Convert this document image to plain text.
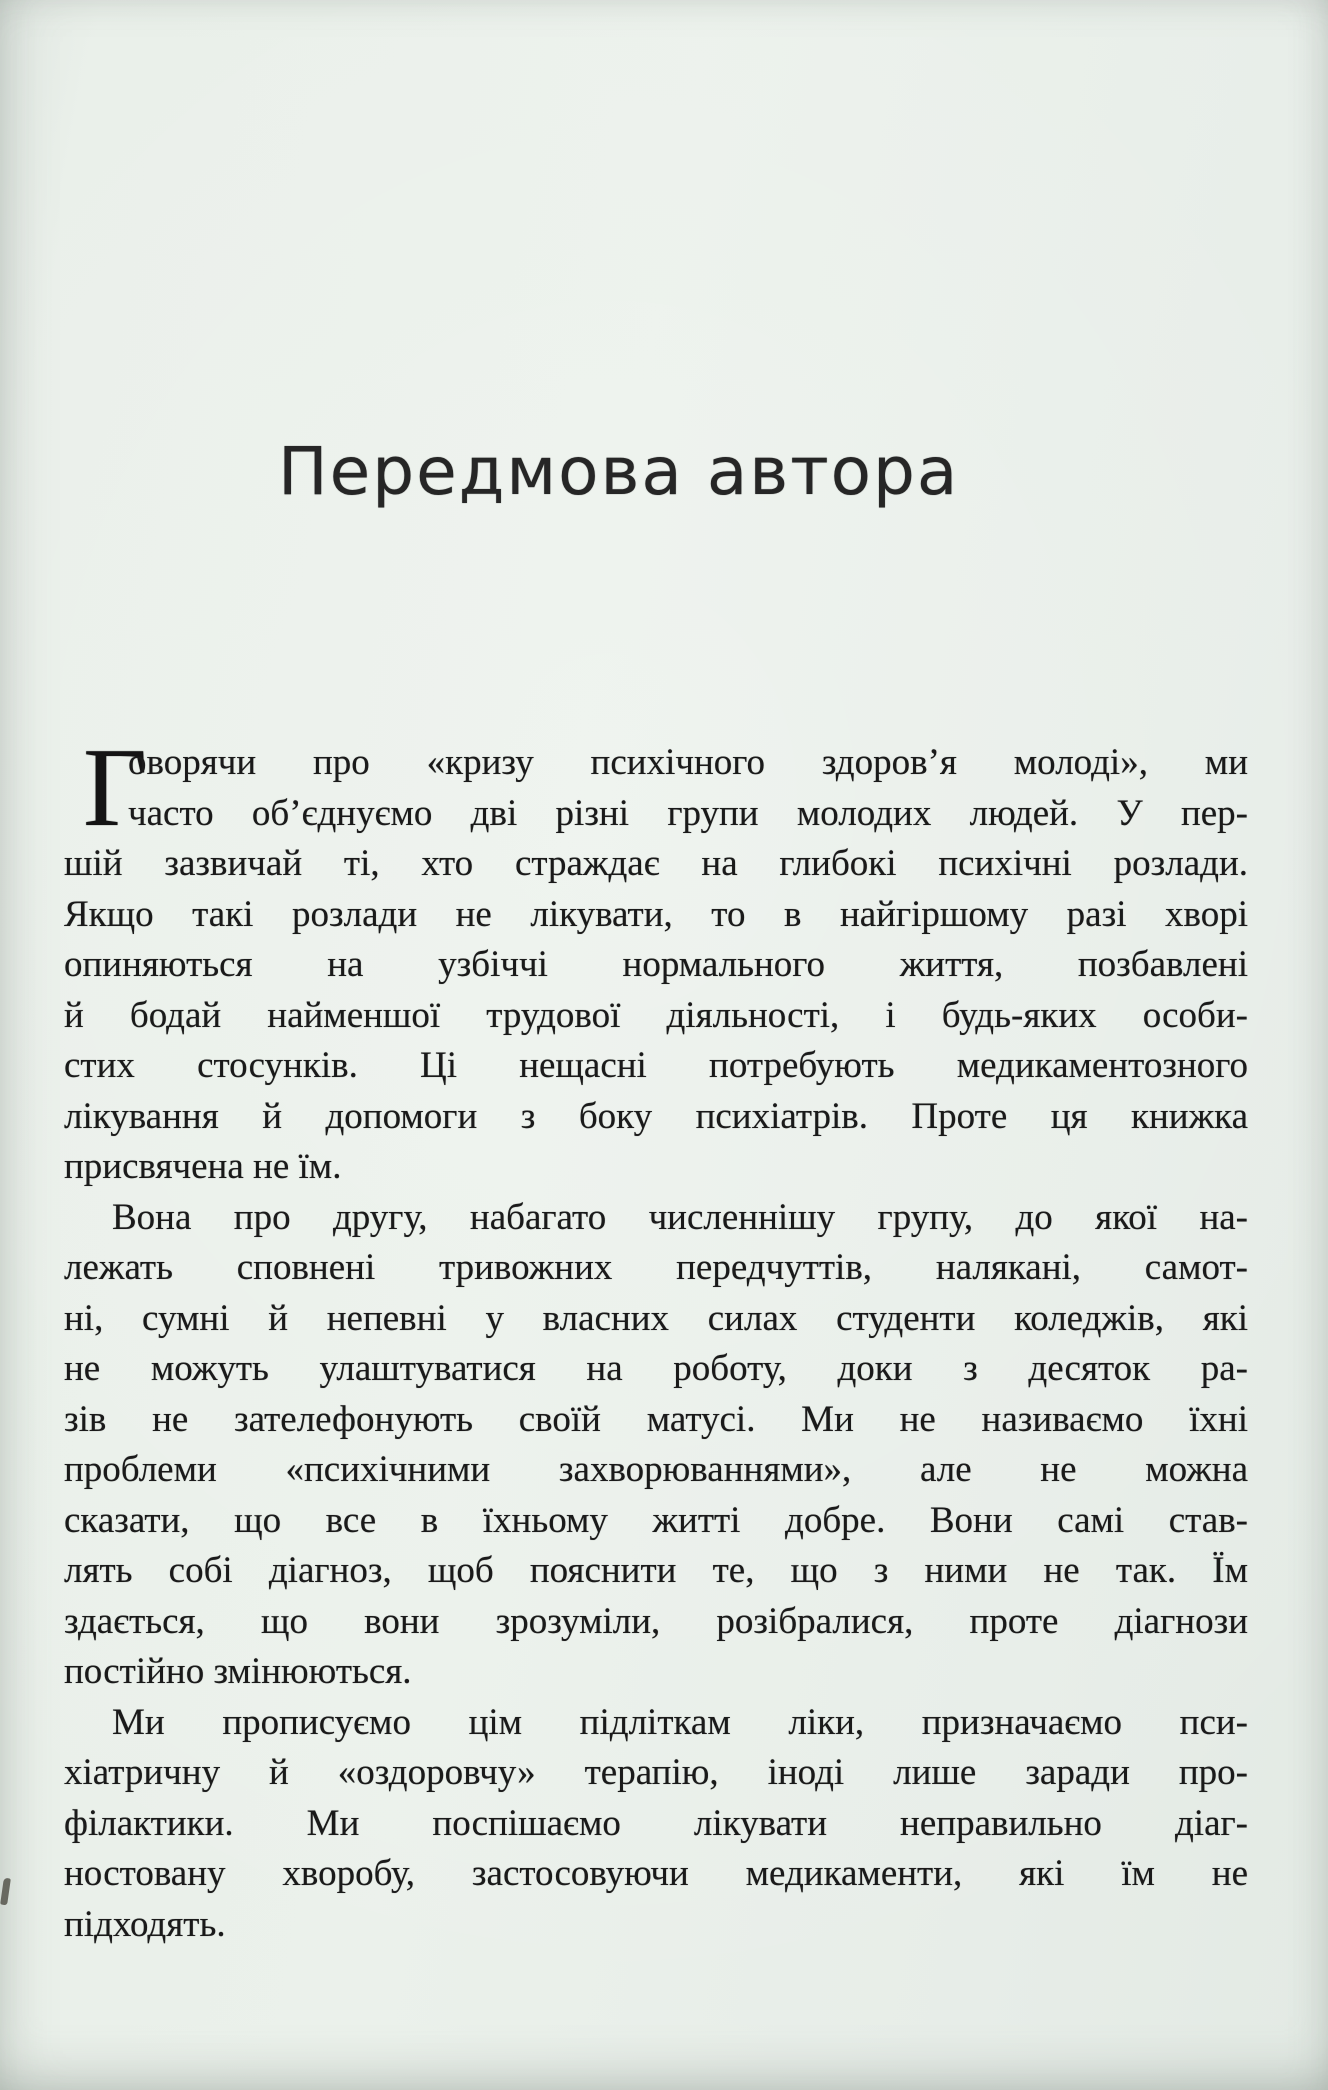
Передмова автора
Г
оворячи про «кризу психічного здоров’я молоді», ми
часто об’єднуємо дві різні групи молодих людей. У пер-
шій зазвичай ті, хто страждає на глибокі психічні розлади.
Якщо такі розлади не лікувати, то в найгіршому разі хворі
опиняються на узбіччі нормального життя, позбавлені
й бодай найменшої трудової діяльності, і будь-яких особи-
стих стосунків. Ці нещасні потребують медикаментозного
лікування й допомоги з боку психіатрів. Проте ця книжка
присвячена не їм.
Вона про другу, набагато численнішу групу, до якої на-
лежать сповнені тривожних передчуттів, налякані, самот-
ні, сумні й непевні у власних силах студенти коледжів, які
не можуть улаштуватися на роботу, доки з десяток ра-
зів не зателефонують своїй матусі. Ми не називаємо їхні
проблеми «психічними захворюваннями», але не можна
сказати, що все в їхньому житті добре. Вони самі став-
лять собі діагноз, щоб пояснити те, що з ними не так. Їм
здається, що вони зрозуміли, розібралися, проте діагнози
постійно змінюються.
Ми прописуємо цім підліткам ліки, призначаємо пси-
хіатричну й «оздоровчу» терапію, іноді лише заради про-
філактики. Ми поспішаємо лікувати неправильно діаг-
ностовану хворобу, застосовуючи медикаменти, які їм не
підходять.
